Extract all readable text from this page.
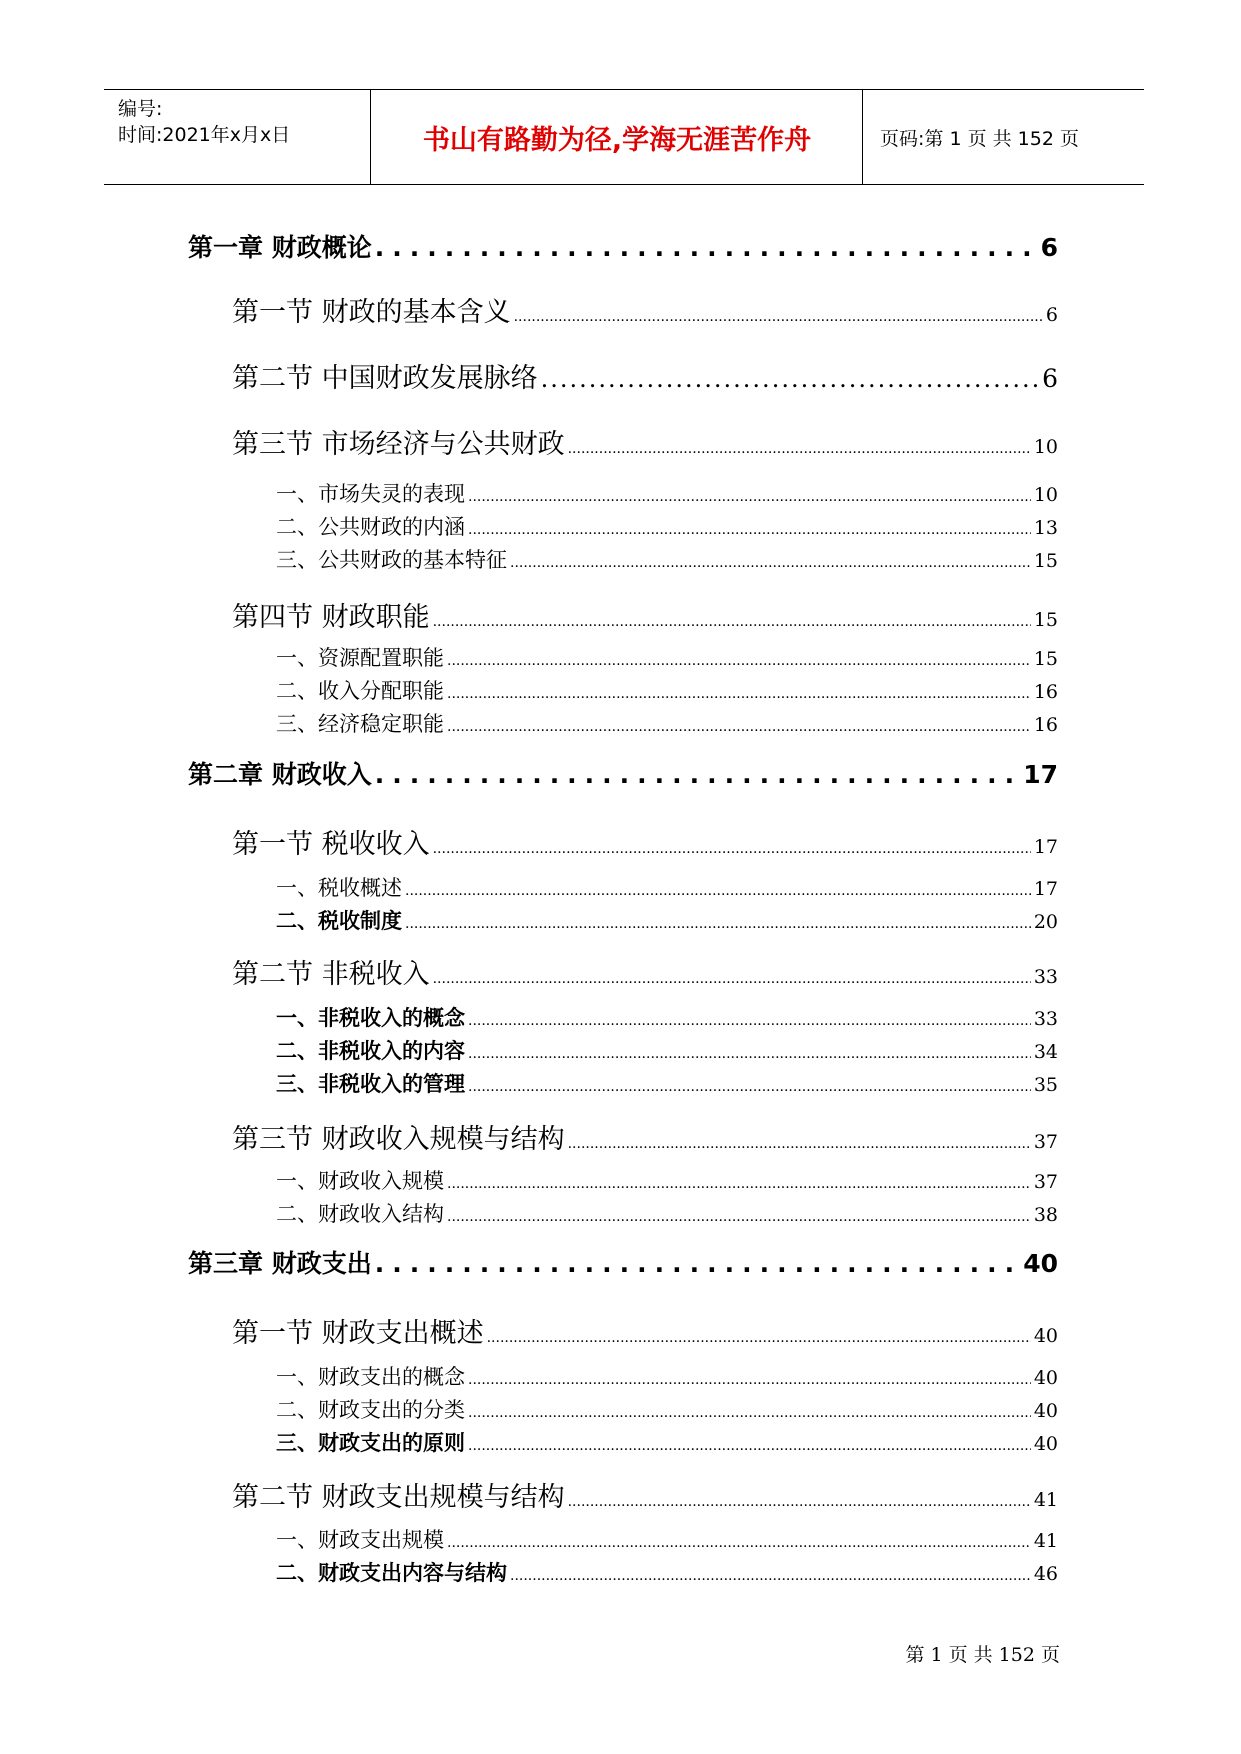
编号:
时间:2021年x月x日	书山有路勤为径,学海无涯苦作舟	页码:第 1 页 共 152 页
第一章 财政概论 .....	6
第一节 财政的基本含义 .....	6
第二节 中国财政发展脉络 .....	6
第三节 市场经济与公共财政 .....	10
一、市场失灵的表现 .....	10
二、公共财政的内涵 .....	13
三、公共财政的基本特征 .....	15
第四节 财政职能 .....	15
一、资源配置职能 .....	15
二、收入分配职能 .....	16
三、经济稳定职能 .....	16
第二章 财政收入 .....	17
第一节 税收收入 .....	17
一、税收概述 .....	17
二、税收制度 .....	20
第二节 非税收入 .....	33
一、非税收入的概念 .....	33
二、非税收入的内容 .....	34
三、非税收入的管理 .....	35
第三节 财政收入规模与结构 .....	37
一、财政收入规模 .....	37
二、财政收入结构 .....	38
第三章 财政支出 .....	40
第一节 财政支出概述 .....	40
一、财政支出的概念 .....	40
二、财政支出的分类 .....	40
三、财政支出的原则 .....	40
第二节 财政支出规模与结构 .....	41
一、财政支出规模 .....	41
二、财政支出内容与结构 .....	46
第 1 页 共 152 页
